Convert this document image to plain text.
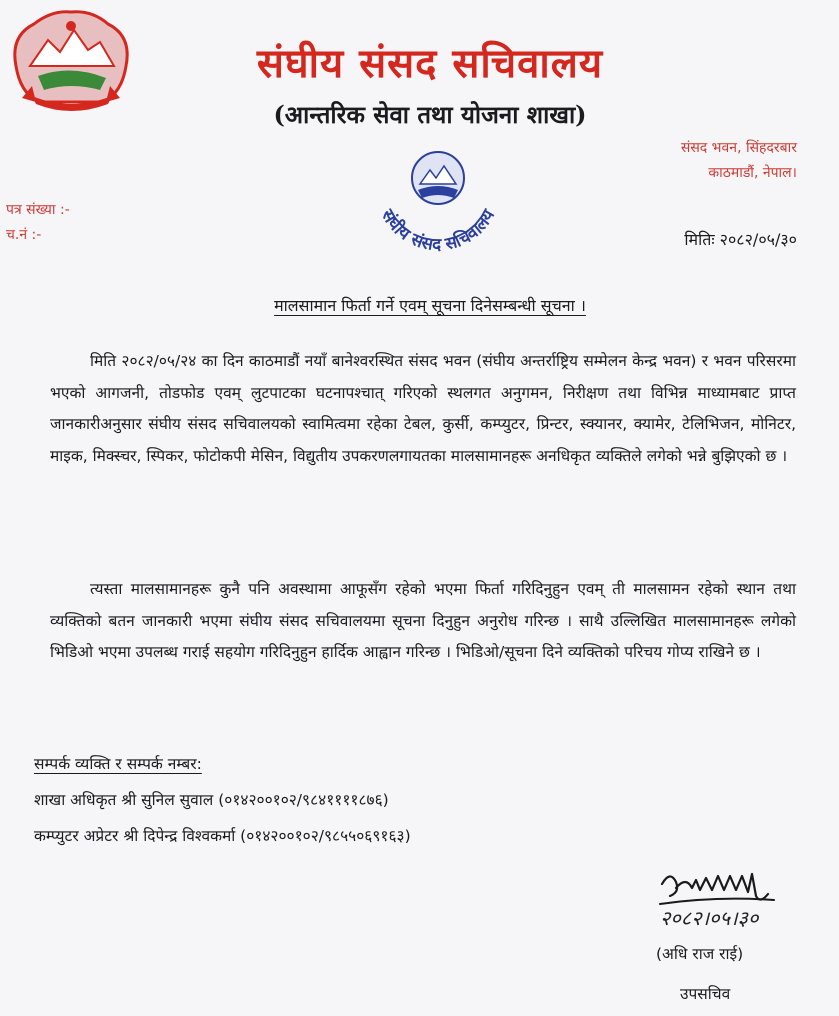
संघीय संसद सचिवालय
(आन्तरिक सेवा तथा योजना शाखा)
संसद भवन, सिंहदरबार
काठमाडौं, नेपाल।
पत्र संख्या :-
च.नं :-
संघीय संसद सचिवालय
मितिः २०८२/०५/३०
मालसामान फिर्ता गर्ने एवम् सूचना दिनेसम्बन्धी सूचना ।
मिति २०८२/०५/२४ का दिन काठमाडौं नयाँ बानेश्वरस्थित संसद भवन (संघीय अन्तर्राष्ट्रिय सम्मेलन केन्द्र भवन) र भवन परिसरमा भएको आगजनी, तोडफोड एवम् लुटपाटका घटनापश्चात् गरिएको स्थलगत अनुगमन, निरीक्षण तथा विभिन्न माध्यामबाट प्राप्त जानकारीअनुसार संघीय संसद सचिवालयको स्वामित्वमा रहेका टेबल, कुर्सी, कम्प्युटर, प्रिन्टर, स्क्यानर, क्यामेर, टेलिभिजन, मोनिटर, माइक, मिक्स्चर, स्पिकर, फोटोकपी मेसिन, विद्युतीय उपकरणलगायतका मालसामानहरू अनधिकृत व्यक्तिले लगेको भन्ने बुझिएको छ ।
त्यस्ता मालसामानहरू कुनै पनि अवस्थामा आफूसँग रहेको भएमा फिर्ता गरिदिनुहुन एवम् ती मालसामन रहेको स्थान तथा व्यक्तिको बतन जानकारी भएमा संघीय संसद सचिवालयमा सूचना दिनुहुन अनुरोध गरिन्छ । साथै उल्लिखित मालसामानहरू लगेको भिडिओ भएमा उपलब्ध गराई सहयोग गरिदिनुहुन हार्दिक आह्वान गरिन्छ । भिडिओ/सूचना दिने व्यक्तिको परिचय गोप्य राखिने छ ।
सम्पर्क व्यक्ति र सम्पर्क नम्बर:
शाखा अधिकृत श्री सुनिल सुवाल (०१४२००१०२/९८४११११८७६)
कम्प्युटर अप्रेटर श्री दिपेन्द्र विश्वकर्मा (०१४२००१०२/९८५५०६९१६३)
२०८२।०५।३०
(अधि राज राई)
उपसचिव
